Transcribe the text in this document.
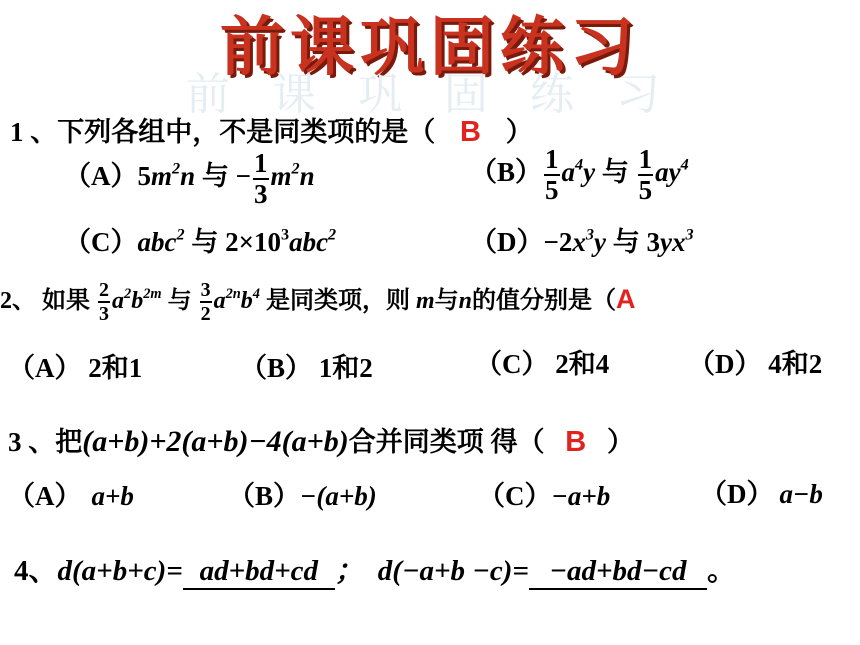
前课巩固练习
前 课 巩 固 练 习
1 、下列各组中，不是同类项的是（ B ）
$(A)5m^2n$ 与 − $\frac{1}{3} m^2n$	$(B) \frac{1}{5} a^4y$ 与 $\frac{1}{5} ay^4$
（C）abc$^2$ 与 $2\times 10^3abc^2$	$(D)-2x^3y$ 与 $3yx^3$
2、 如果 $\frac{2}{3} a^2b^{2m}$ 与 $\frac{3}{2} a^{2n}b^4$ 是同类项，则 m与n的值分别是（A
（A） 2和1	（B） 1和2	（C） 2和4	（D） 4和2
3 、把(a+b)+2(a+b)−4(a+b)合并同类项 得（ B ）
（A） a+b	（B）−(a+b)	（C）−a+b	（D） a−b
4、d(a+b+c)= ad+bd+cd ； d(−a+b −c)= −ad+bd−cd 。
